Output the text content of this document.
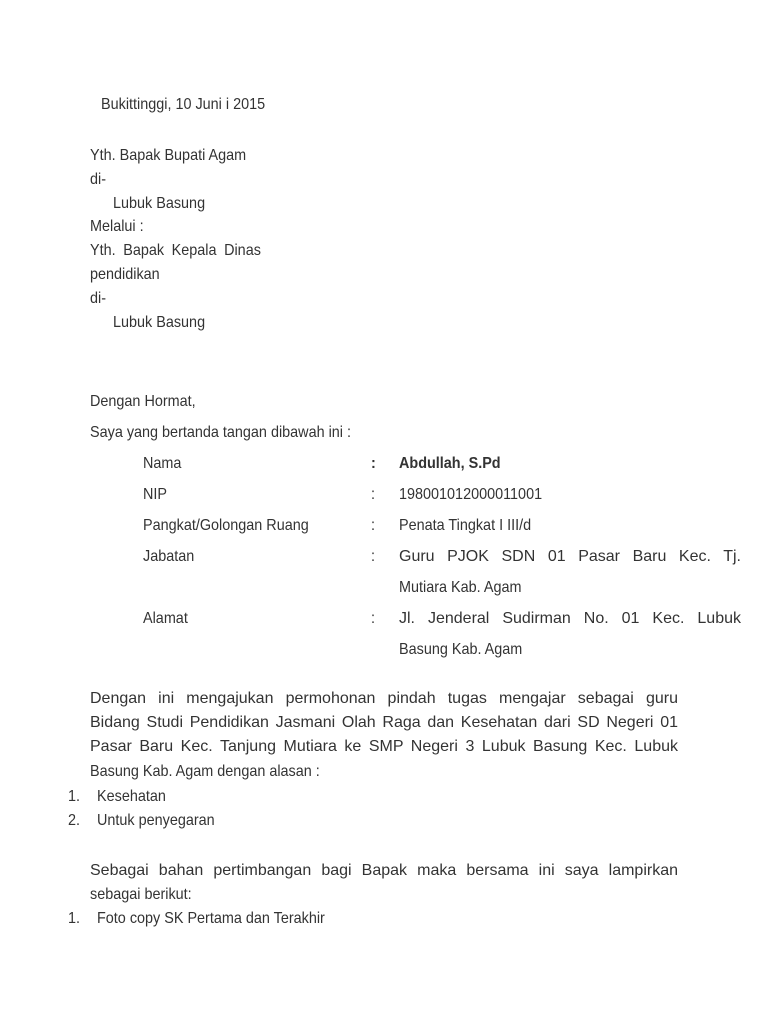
Bukittinggi, 10 Juni i 2015
Yth. Bapak Bupati Agam
di-
Lubuk Basung
Melalui :
Yth. Bapak Kepala Dinas
pendidikan
di-
Lubuk Basung
Dengan Hormat,
Saya yang bertanda tangan dibawah ini :
Nama	: Abdullah, S.Pd
NIP	: 198001012000011001
Pangkat/Golongan Ruang	: Penata Tingkat I III/d
Jabatan	: Guru PJOK SDN 01 Pasar Baru Kec. Tj.
Mutiara Kab. Agam
Alamat	: Jl. Jenderal Sudirman No. 01 Kec. Lubuk
Basung Kab. Agam
Dengan ini mengajukan permohonan pindah tugas mengajar sebagai guru
Bidang Studi Pendidikan Jasmani Olah Raga dan Kesehatan dari SD Negeri 01
Pasar Baru Kec. Tanjung Mutiara ke SMP Negeri 3 Lubuk Basung Kec. Lubuk
Basung Kab. Agam dengan alasan :
1. Kesehatan
2. Untuk penyegaran
Sebagai bahan pertimbangan bagi Bapak maka bersama ini saya lampirkan
sebagai berikut:
1. Foto copy SK Pertama dan Terakhir
